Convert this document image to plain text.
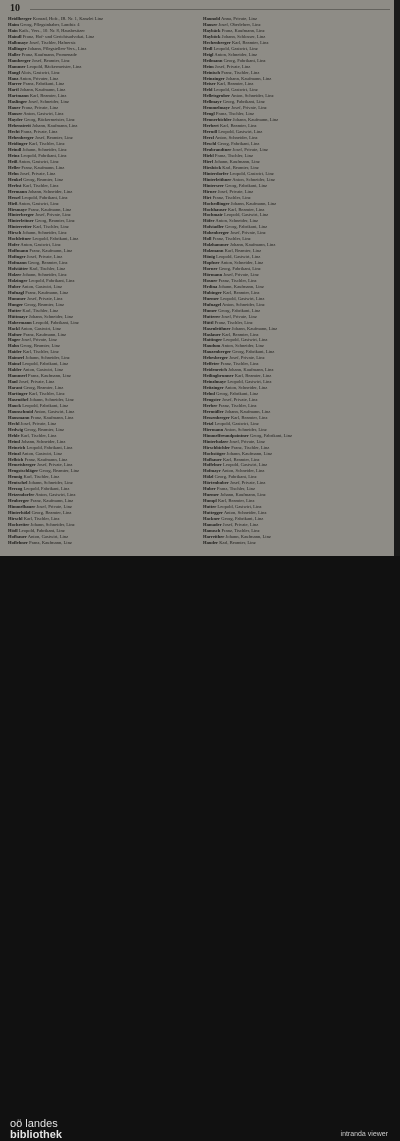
10

Heidlberger Konrad, Hofr., IB. Nr. 1, Kanzlei Linz

Haim Georg, Pflegsinhaber, Landstr. 4

Hain Kath., Vers., 10. Nr. 8, Hausbesitzer

Haindl Franz, Hof- und Gerichtsadvokat, Linz

Halbmayr Josef, Tischler, Hafnerstr.

Hallinger Johann, Pflegstellen-Vers., Linz

Haller Franz, Kaufmann, Promenade

Hamberger Josef, Beamter, Linz

Hammer Leopold, Bäckermeister, Linz

Hangl Alois, Gastwirt, Linz

Hanz Anton, Privater, Linz

Harrer Franz, Fabrikant, Linz

Hartl Johann, Kaufmann, Linz

Hartmann Karl, Beamter, Linz

Haslinger Josef, Schneider, Linz

Hauer Franz, Private, Linz

Hauser Anton, Gastwirt, Linz

Hayder Georg, Bäckermeister, Linz

Hebenstreit Johann, Kaufmann, Linz

Hecht Franz, Private, Linz

Hehenberger Josef, Beamter, Linz

Heidinger Karl, Tischler, Linz

Heindl Johann, Schneider, Linz

Heinz Leopold, Fabrikant, Linz

Heiß Anton, Gastwirt, Linz

Heller Franz, Kaufmann, Linz

Helm Josef, Private, Linz

Henkel Georg, Beamter, Linz

Herbst Karl, Tischler, Linz

Hermann Johann, Schneider, Linz

Hessel Leopold, Fabrikant, Linz

Hieß Anton, Gastwirt, Linz

Hiesmayr Franz, Kaufmann, Linz

Hinterberger Josef, Private, Linz

Hinterleitner Georg, Beamter, Linz

Hinterreiter Karl, Tischler, Linz

Hirsch Johann, Schneider, Linz

Hochleitner Leopold, Fabrikant, Linz

Hofer Anton, Gastwirt, Linz

Hoffmann Franz, Kaufmann, Linz

Hofinger Josef, Private, Linz

Hofmann Georg, Beamter, Linz

Hofstätter Karl, Tischler, Linz

Holzer Johann, Schneider, Linz

Holzinger Leopold, Fabrikant, Linz

Huber Anton, Gastwirt, Linz

Hufnagl Franz, Kaufmann, Linz

Hummer Josef, Private, Linz

Hunger Georg, Beamter, Linz

Hutter Karl, Tischler, Linz

Hüttmayr Johann, Schneider, Linz

Habermann Leopold, Fabrikant, Linz

Hackl Anton, Gastwirt, Linz

Hafner Franz, Kaufmann, Linz

Hager Josef, Private, Linz

Hahn Georg, Beamter, Linz

Haider Karl, Tischler, Linz

Haimerl Johann, Schneider, Linz

Hainzl Leopold, Fabrikant, Linz

Halder Anton, Gastwirt, Linz

Hammerl Franz, Kaufmann, Linz

Hanl Josef, Private, Linz

Harant Georg, Beamter, Linz

Hartinger Karl, Tischler, Linz

Hasenöhrl Johann, Schneider, Linz

Hauck Leopold, Fabrikant, Linz

Haunschmid Anton, Gastwirt, Linz

Hausmann Franz, Kaufmann, Linz

Hechl Josef, Private, Linz

Hedwig Georg, Beamter, Linz

Hehle Karl, Tischler, Linz

Heiml Johann, Schneider, Linz

Heinrich Leopold, Fabrikant, Linz

Heinzl Anton, Gastwirt, Linz

Helbich Franz, Kaufmann, Linz

Hemetsberger Josef, Private, Linz

Hengstschläger Georg, Beamter, Linz

Hennig Karl, Tischler, Linz

Hentschel Johann, Schneider, Linz

Herzog Leopold, Fabrikant, Linz

Hetzendorfer Anton, Gastwirt, Linz

Heuberger Franz, Kaufmann, Linz

Himmelbauer Josef, Private, Linz

Hinterhölzl Georg, Beamter, Linz

Hirschl Karl, Tischler, Linz

Hochreiter Johann, Schneider, Linz

Hödl Leopold, Fabrikant, Linz

Hofbauer Anton, Gastwirt, Linz

Hoflehner Franz, Kaufmann, Linz

Haunold Anna, Private, Linz

Hauser Josef, Oberlehrer, Linz

Haybäck Franz, Kaufmann, Linz

Hayböck Johann, Schlosser, Linz

Hechenberger Karl, Beamter, Linz

Hedl Leopold, Gastwirt, Linz

Heigl Anton, Schneider, Linz

Heilmann Georg, Fabrikant, Linz

Heim Josef, Private, Linz

Heinisch Franz, Tischler, Linz

Heinzinger Johann, Kaufmann, Linz

Heiser Karl, Beamter, Linz

Held Leopold, Gastwirt, Linz

Helletsgruber Anton, Schneider, Linz

Hellmayr Georg, Fabrikant, Linz

Hemmelmayr Josef, Private, Linz

Hengl Franz, Tischler, Linz

Hennerbichler Johann, Kaufmann, Linz

Herbert Karl, Beamter, Linz

Herndl Leopold, Gastwirt, Linz

Herzl Anton, Schneider, Linz

Heschl Georg, Fabrikant, Linz

Heubrandtner Josef, Private, Linz

Hiebl Franz, Tischler, Linz

Hierl Johann, Kaufmann, Linz

Hiesböck Karl, Beamter, Linz

Hinterdorfer Leopold, Gastwirt, Linz

Hinterleithner Anton, Schneider, Linz

Hinterseer Georg, Fabrikant, Linz

Hirner Josef, Private, Linz

Hirt Franz, Tischler, Linz

Hochedlinger Johann, Kaufmann, Linz

Hochhauser Karl, Beamter, Linz

Hochmair Leopold, Gastwirt, Linz

Höfer Anton, Schneider, Linz

Hofstadler Georg, Fabrikant, Linz

Hohenberger Josef, Private, Linz

Holl Franz, Tischler, Linz

Holzhammer Johann, Kaufmann, Linz

Holzmann Karl, Beamter, Linz

Hönig Leopold, Gastwirt, Linz

Hopfner Anton, Schneider, Linz

Horner Georg, Fabrikant, Linz

Hörmann Josef, Private, Linz

Hosner Franz, Tischler, Linz

Hrdina Johann, Kaufmann, Linz

Hubinger Karl, Beamter, Linz

Huemer Leopold, Gastwirt, Linz

Hufnagel Anton, Schneider, Linz

Humer Georg, Fabrikant, Linz

Hutterer Josef, Private, Linz

Hüttl Franz, Tischler, Linz

Hasenleithner Johann, Kaufmann, Linz

Haslauer Karl, Beamter, Linz

Hattinger Leopold, Gastwirt, Linz

Haudum Anton, Schneider, Linz

Hauzenberger Georg, Fabrikant, Linz

Hebesberger Josef, Private, Linz

Heffeter Franz, Tischler, Linz

Heidenreich Johann, Kaufmann, Linz

Heilingbrunner Karl, Beamter, Linz

Heinzlmayr Leopold, Gastwirt, Linz

Heitzinger Anton, Schneider, Linz

Helml Georg, Fabrikant, Linz

Hengster Josef, Private, Linz

Herber Franz, Tischler, Linz

Hermüller Johann, Kaufmann, Linz

Hessenberger Karl, Beamter, Linz

Hetzl Leopold, Gastwirt, Linz

Hiermann Anton, Schneider, Linz

Himmelfreundpointner Georg, Fabrikant, Linz

Hinterholzer Josef, Private, Linz

Hirschbichler Franz, Tischler, Linz

Hochstöger Johann, Kaufmann, Linz

Hofbauer Karl, Beamter, Linz

Hoffelner Leopold, Gastwirt, Linz

Hofmayr Anton, Schneider, Linz

Hölzl Georg, Fabrikant, Linz

Hörtenhuber Josef, Private, Linz

Huber Franz, Tischler, Linz

Huemer Johann, Kaufmann, Linz

Humpl Karl, Beamter, Linz

Hutter Leopold, Gastwirt, Linz

Huttegger Anton, Schneider, Linz

Hackner Georg, Fabrikant, Linz

Hamader Josef, Private, Linz

Hanusch Franz, Tischler, Linz

Harreither Johann, Kaufmann, Linz

Hauder Karl, Beamter, Linz

oö landes
bibliothek	intranda viewer
